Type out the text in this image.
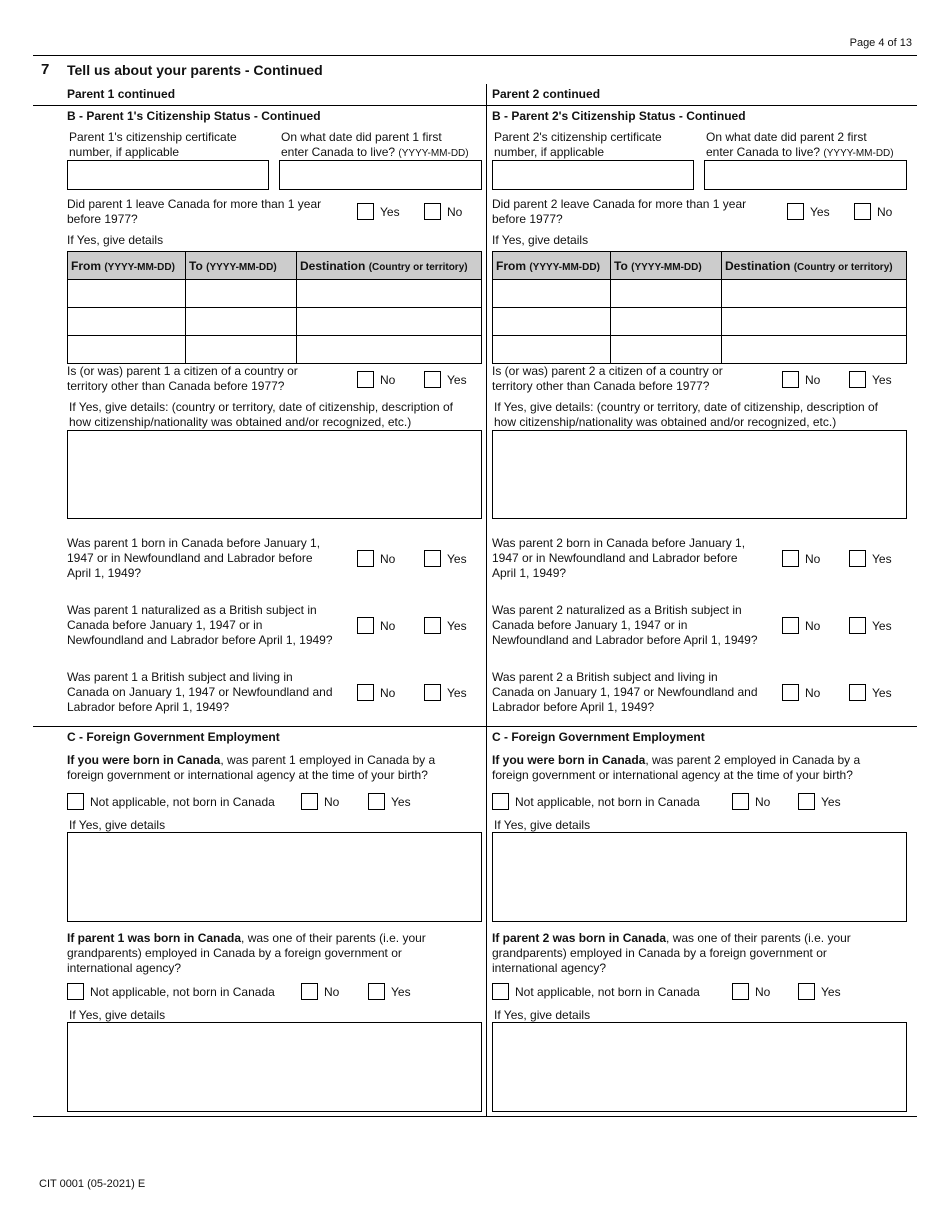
Page 4 of 13
7 Tell us about your parents - Continued
Parent 1 continued
B - Parent 1's Citizenship Status - Continued
Parent 1's citizenship certificate
number, if applicable
On what date did parent 1 first
enter Canada to live? (YYYY-MM-DD)
Did parent 1 leave Canada for more than 1 year
before 1977?	Yes	No
If Yes, give details
From (YYYY-MM-DD)	To (YYYY-MM-DD)	Destination (Country or territory)

Is (or was) parent 1 a citizen of a country or
territory other than Canada before 1977?	No	Yes
If Yes, give details: (country or territory, date of citizenship, description of
how citizenship/nationality was obtained and/or recognized, etc.)
Was parent 1 born in Canada before January 1,
1947 or in Newfoundland and Labrador before
April 1, 1949?
No	Yes
Was parent 1 naturalized as a British subject in
Canada before January 1, 1947 or in
Newfoundland and Labrador before April 1, 1949?
No	Yes
Was parent 1 a British subject and living in
Canada on January 1, 1947 or Newfoundland and
Labrador before April 1, 1949?
No	Yes
C - Foreign Government Employment
If you were born in Canada, was parent 1 employed in Canada by a
foreign government or international agency at the time of your birth?
Not applicable, not born in Canada	No	Yes
If Yes, give details
If parent 1 was born in Canada, was one of their parents (i.e. your
grandparents) employed in Canada by a foreign government or
international agency?
Not applicable, not born in Canada	No	Yes
If Yes, give details
Parent 2 continued
B - Parent 2's Citizenship Status - Continued
Parent 2's citizenship certificate
number, if applicable
On what date did parent 2 first
enter Canada to live? (YYYY-MM-DD)
Did parent 2 leave Canada for more than 1 year
before 1977?	Yes	No
If Yes, give details
From (YYYY-MM-DD)	To (YYYY-MM-DD)	Destination (Country or territory)

Is (or was) parent 2 a citizen of a country or
territory other than Canada before 1977?	No	Yes
If Yes, give details: (country or territory, date of citizenship, description of
how citizenship/nationality was obtained and/or recognized, etc.)
Was parent 2 born in Canada before January 1,
1947 or in Newfoundland and Labrador before
April 1, 1949?
No	Yes
Was parent 2 naturalized as a British subject in
Canada before January 1, 1947 or in
Newfoundland and Labrador before April 1, 1949?
No	Yes
Was parent 2 a British subject and living in
Canada on January 1, 1947 or Newfoundland and
Labrador before April 1, 1949?
No	Yes
C - Foreign Government Employment
If you were born in Canada, was parent 2 employed in Canada by a
foreign government or international agency at the time of your birth?
Not applicable, not born in Canada	No	Yes
If Yes, give details
If parent 2 was born in Canada, was one of their parents (i.e. your
grandparents) employed in Canada by a foreign government or
international agency?
Not applicable, not born in Canada	No	Yes
If Yes, give details
CIT 0001 (05-2021) E
